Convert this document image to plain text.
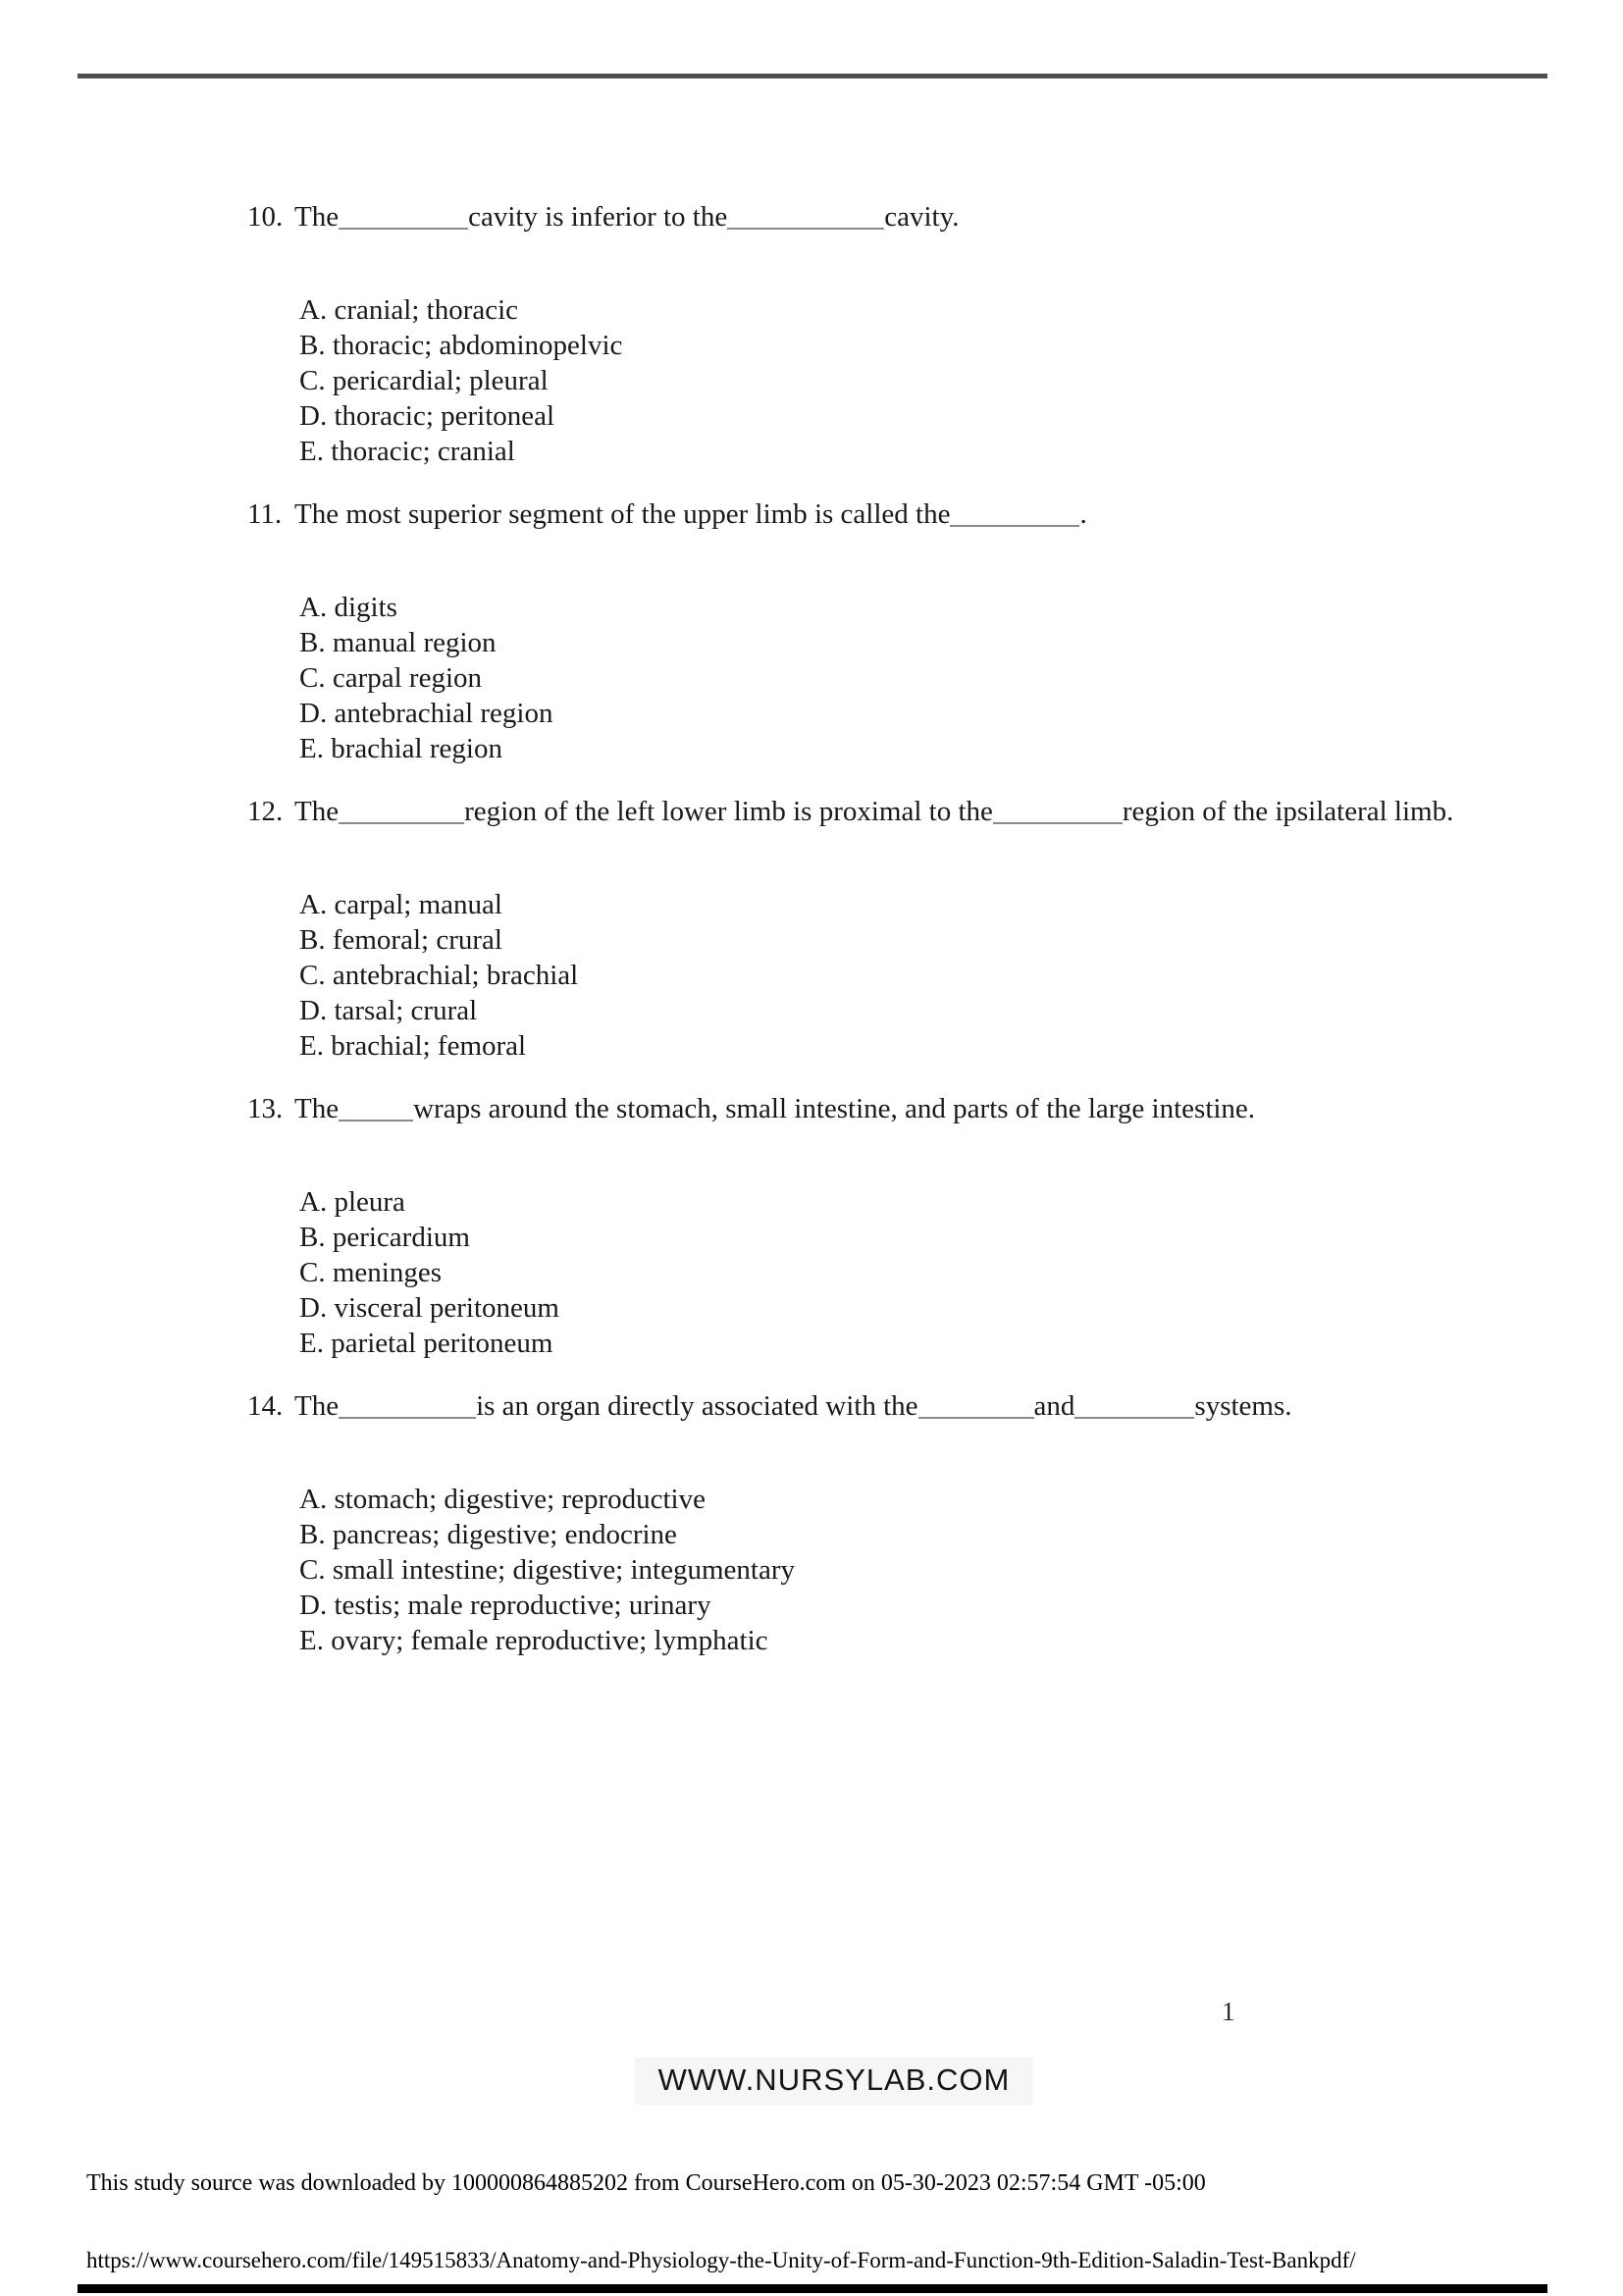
10. The	cavity is inferior to the	cavity.
A. cranial; thoracic
B. thoracic; abdominopelvic
C. pericardial; pleural
D. thoracic; peritoneal
E. thoracic; cranial
11. The most superior segment of the upper limb is called the	.
A. digits
B. manual region
C. carpal region
D. antebrachial region
E. brachial region
12. The	region of the left lower limb is proximal to the	region of the ipsilateral limb.
A. carpal; manual
B. femoral; crural
C. antebrachial; brachial
D. tarsal; crural
E. brachial; femoral
13. The	wraps around the stomach, small intestine, and parts of the large intestine.
A. pleura
B. pericardium
C. meninges
D. visceral peritoneum
E. parietal peritoneum
14. The	is an organ directly associated with the	and	systems.
A. stomach; digestive; reproductive
B. pancreas; digestive; endocrine
C. small intestine; digestive; integumentary
D. testis; male reproductive; urinary
E. ovary; female reproductive; lymphatic
1
WWW.NURSYLAB.COM
This study source was downloaded by 100000864885202 from CourseHero.com on 05-30-2023 02:57:54 GMT -05:00
https://www.coursehero.com/file/149515833/Anatomy-and-Physiology-the-Unity-of-Form-and-Function-9th-Edition-Saladin-Test-Bankpdf/
